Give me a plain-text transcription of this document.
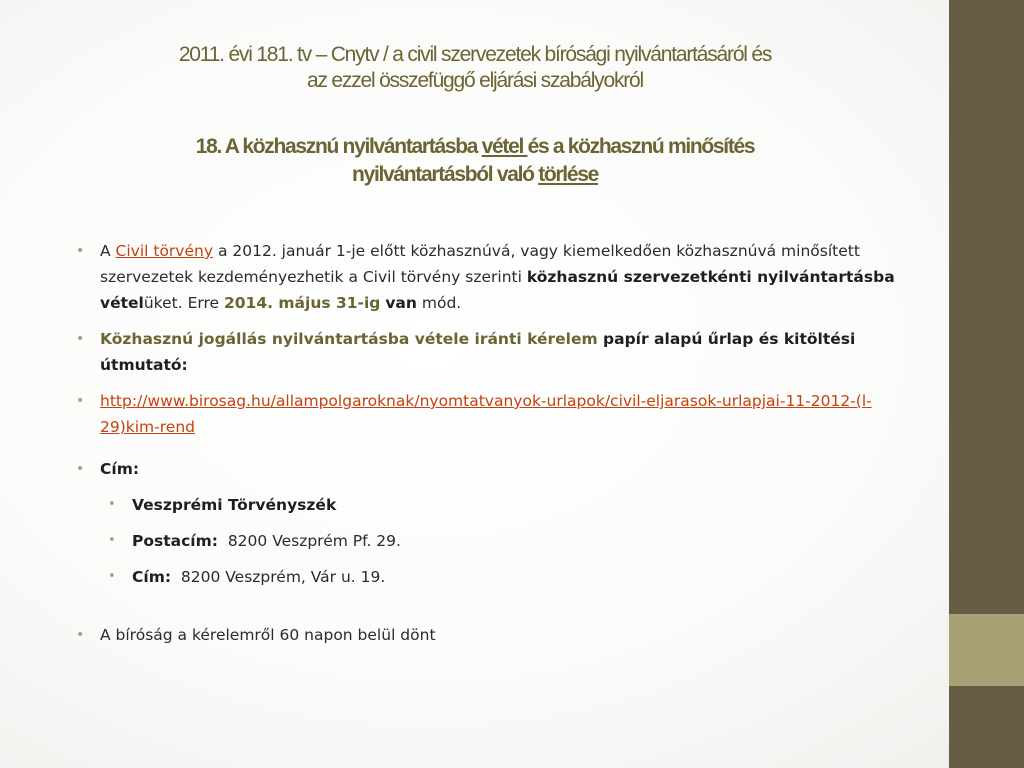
2011. évi 181. tv – Cnytv / a civil szervezetek bírósági nyilvántartásáról és
az ezzel összefüggő eljárási szabályokról
18. A közhasznú nyilvántartásba vétel és a közhasznú minősítés
nyilvántartásból való törlése
• A Civil törvény a 2012. január 1-je előtt közhasznúvá, vagy kiemelkedően közhasznúvá minősített szervezetek kezdeményezhetik a Civil törvény szerinti közhasznú szervezetkénti nyilvántartásba vételüket. Erre 2014. május 31-ig van mód.
• Közhasznú jogállás nyilvántartásba vétele iránti kérelem papír alapú űrlap és kitöltési útmutató:
• http://www.birosag.hu/allampolgaroknak/nyomtatvanyok-urlapok/civil-eljarasok-urlapjai-11-2012-(l-29)kim-rend
• Cím:
• Veszprémi Törvényszék
• Postacím:  8200 Veszprém Pf. 29.
• Cím:  8200 Veszprém, Vár u. 19.
• A bíróság a kérelemről 60 napon belül dönt
